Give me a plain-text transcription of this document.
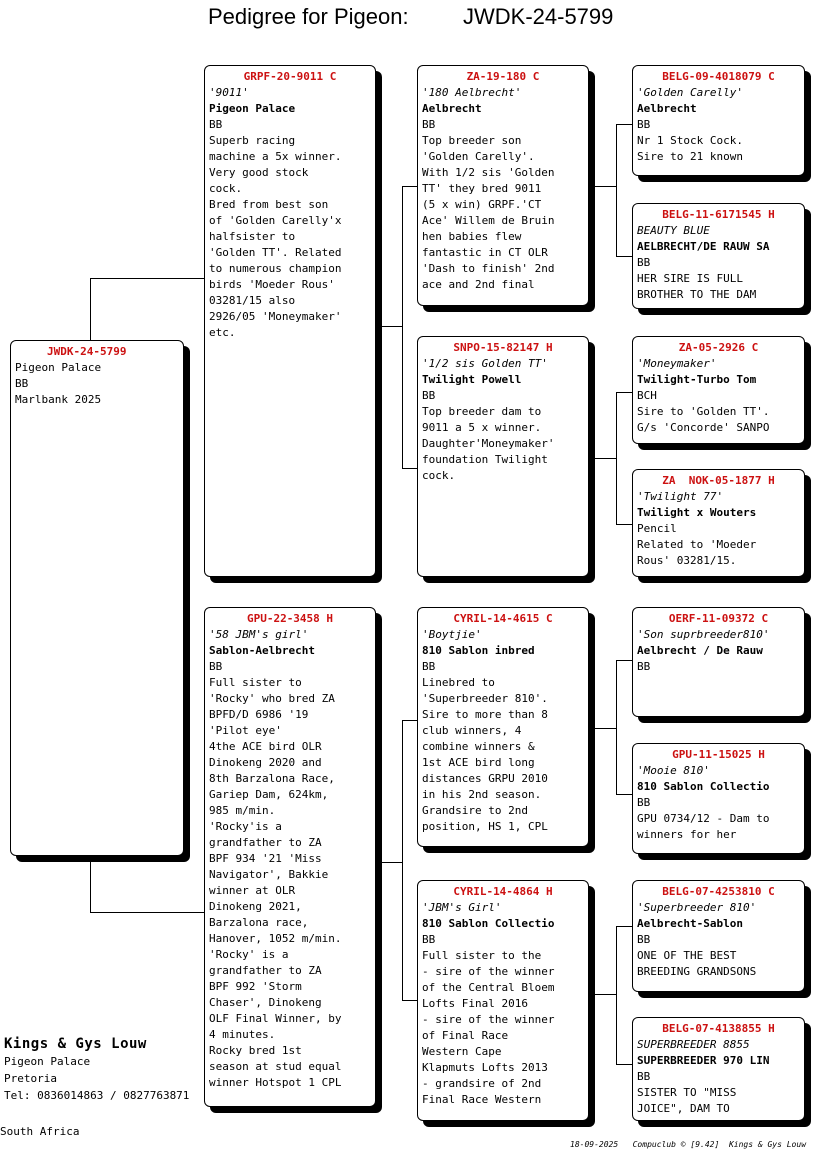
Pedigree for Pigeon: JWDK-24-5799
JWDK-24-5799
Pigeon Palace
BB
Marlbank 2025
GRPF-20-9011 C
'9011'
Pigeon Palace
BB
Superb racing
machine a 5x winner.
Very good stock
cock.
Bred from best son
of 'Golden Carelly'x
halfsister to
'Golden TT'. Related
to numerous champion
birds 'Moeder Rous'
03281/15 also
2926/05 'Moneymaker'
etc.
GPU-22-3458 H
'58 JBM's girl'
Sablon-Aelbrecht
BB
Full sister to
'Rocky' who bred ZA
BPFD/D 6986 '19
'Pilot eye'
4the ACE bird OLR
Dinokeng 2020 and
8th Barzalona Race,
Gariep Dam, 624km,
985 m/min.
'Rocky'is a
grandfather to ZA
BPF 934 '21 'Miss
Navigator', Bakkie
winner at OLR
Dinokeng 2021,
Barzalona race,
Hanover, 1052 m/min.
'Rocky' is a
grandfather to ZA
BPF 992 'Storm
Chaser', Dinokeng
OLF Final Winner, by
4 minutes.
Rocky bred 1st
season at stud equal
winner Hotspot 1 CPL
ZA-19-180 C
'180 Aelbrecht'
Aelbrecht
BB
Top breeder son
'Golden Carelly'.
With 1/2 sis 'Golden
TT' they bred 9011
(5 x win) GRPF.'CT
Ace' Willem de Bruin
hen babies flew
fantastic in CT OLR
'Dash to finish' 2nd
ace and 2nd final
SNPO-15-82147 H
'1/2 sis Golden TT'
Twilight Powell
BB
Top breeder dam to
9011 a 5 x winner.
Daughter'Moneymaker'
foundation Twilight
cock.
CYRIL-14-4615 C
'Boytjie'
810 Sablon inbred
BB
Linebred to
'Superbreeder 810'.
Sire to more than 8
club winners, 4
combine winners &
1st ACE bird long
distances GRPU 2010
in his 2nd season.
Grandsire to 2nd
position, HS 1, CPL
CYRIL-14-4864 H
'JBM's Girl'
810 Sablon Collectio
BB
Full sister to the
- sire of the winner
of the Central Bloem
Lofts Final 2016
- sire of the winner
of Final Race
Western Cape
Klapmuts Lofts 2013
- grandsire of 2nd
Final Race Western
BELG-09-4018079 C
'Golden Carelly'
Aelbrecht
BB
Nr 1 Stock Cock.
Sire to 21 known
BELG-11-6171545 H
BEAUTY BLUE
AELBRECHT/DE RAUW SA
BB
HER SIRE IS FULL
BROTHER TO THE DAM
ZA-05-2926 C
'Moneymaker'
Twilight-Turbo Tom
BCH
Sire to 'Golden TT'.
G/s 'Concorde' SANPO
ZA  NOK-05-1877 H
'Twilight 77'
Twilight x Wouters
Pencil
Related to 'Moeder
Rous' 03281/15.
OERF-11-09372 C
'Son suprbreeder810'
Aelbrecht / De Rauw
BB
GPU-11-15025 H
'Mooie 810'
810 Sablon Collectio
BB
GPU 0734/12 - Dam to
winners for her
BELG-07-4253810 C
'Superbreeder 810'
Aelbrecht-Sablon
BB
ONE OF THE BEST
BREEDING GRANDSONS
BELG-07-4138855 H
SUPERBREEDER 8855
SUPERBREEDER 970 LIN
BB
SISTER TO "MISS
JOICE", DAM TO
Kings & Gys Louw
Pigeon Palace
Pretoria
Tel: 0836014863 / 0827763871
South Africa
18-09-2025   Compuclub © [9.42]  Kings & Gys Louw
